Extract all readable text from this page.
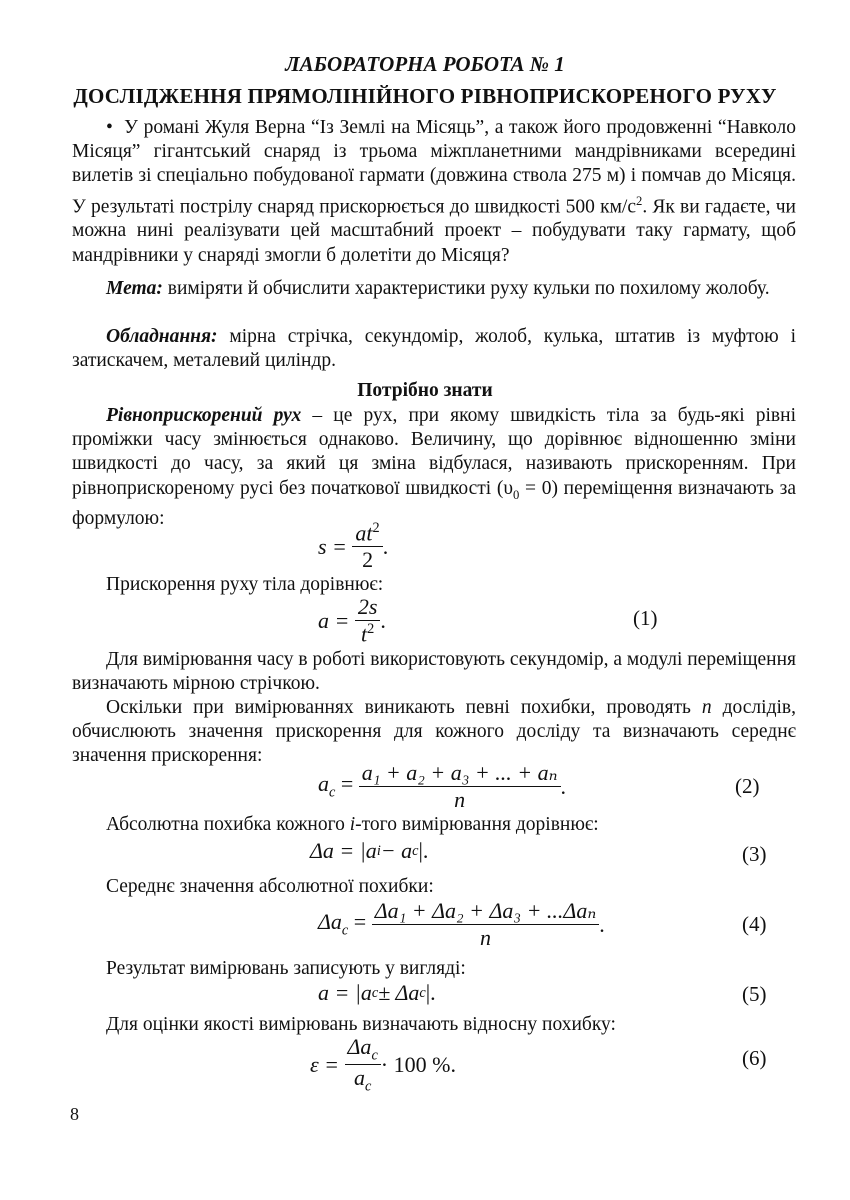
ЛАБОРАТОРНА РОБОТА № 1
ДОСЛІДЖЕННЯ ПРЯМОЛІНІЙНОГО РІВНОПРИСКОРЕНОГО РУХУ
• У романі Жуля Верна “Із Землі на Місяць”, а також його продовженні “Навколо Місяця” гігантський снаряд із трьома міжпланетними мандрівниками всередині вилетів зі спеціально побудованої гармати (довжина ствола 275 м) і помчав до Місяця. У результаті пострілу снаряд прискорюється до швидкості 500 $км/с^2$. Як ви гадаєте, чи можна нині реалізувати цей масштабний проект – побудувати таку гармату, щоб мандрівники у снаряді змогли б долетіти до Місяця?
Мета: виміряти й обчислити характеристики руху кульки по похилому жолобу.
Обладнання: мірна стрічка, секундомір, жолоб, кулька, штатив із муфтою і затискачем, металевий циліндр.
Потрібно знати
Рівноприскорений рух – це рух, при якому швидкість тіла за будь-які рівні проміжки часу змінюється однаково. Величину, що дорівнює відношенню зміни швидкості до часу, за який ця зміна відбулася, називають прискоренням. При рівноприскореному русі без початкової швидкості $(\upsilon_0 = 0)$ переміщення визначають за формулою:
s =
$\frac{at^2}{2}$ .
Прискорення руху тіла дорівнює:
a =
$\frac{2s}{t^2}$ .	(1)
Для вимірювання часу в роботі використовують секундомір, а модулі переміщення визначають мірною стрічкою.
Оскільки при вимірюваннях виникають певні похибки, проводять n дослідів, обчислюють значення прискорення для кожного досліду та визначають середнє значення прискорення:
$a_c$ =
$\frac{\text{a₁ + a₂ + a₃ + ... + aₙ}}{n}$ .	(2)
Абсолютна похибка кожного i-того вимірювання дорівнює:
Δa = |a i − a c |.	(3)
Середнє значення абсолютної похибки:
$\Delta a_c$ =
$\frac{\text{Δa₁ + Δa₂ + Δa₃ + ...Δaₙ}}{n}$ .	(4)
Результат вимірювань записують у вигляді:
a = |a c ± Δa c |.	(5)
Для оцінки якості вимірювань визначають відносну похибку:
ε =
$\frac{\Delta a_c}{a_c} \cdot 100$ %.	(6)
8
